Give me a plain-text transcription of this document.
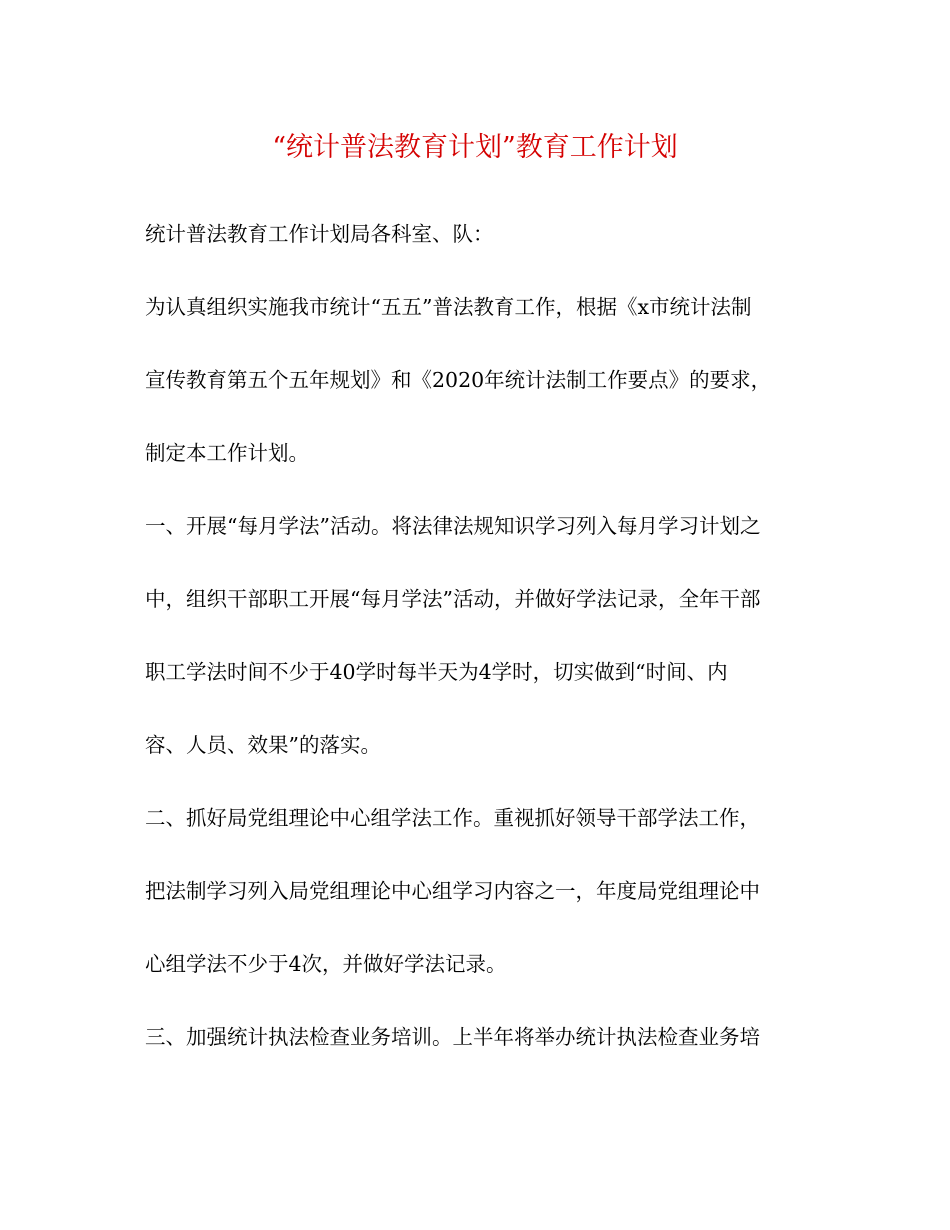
“统计普法教育计划”教育工作计划
统计普法教育工作计划局各科室、队：
为认真组织实施我市统计“五五”普法教育工作，根据《x市统计法制
宣传教育第五个五年规划》和《2020年统计法制工作要点》的要求，
制定本工作计划。
一、开展“每月学法”活动。将法律法规知识学习列入每月学习计划之
中，组织干部职工开展“每月学法”活动，并做好学法记录，全年干部
职工学法时间不少于40学时每半天为4学时，切实做到“时间、内
容、人员、效果”的落实。
二、抓好局党组理论中心组学法工作。重视抓好领导干部学法工作，
把法制学习列入局党组理论中心组学习内容之一，年度局党组理论中
心组学法不少于4次，并做好学法记录。
三、加强统计执法检查业务培训。上半年将举办统计执法检查业务培
